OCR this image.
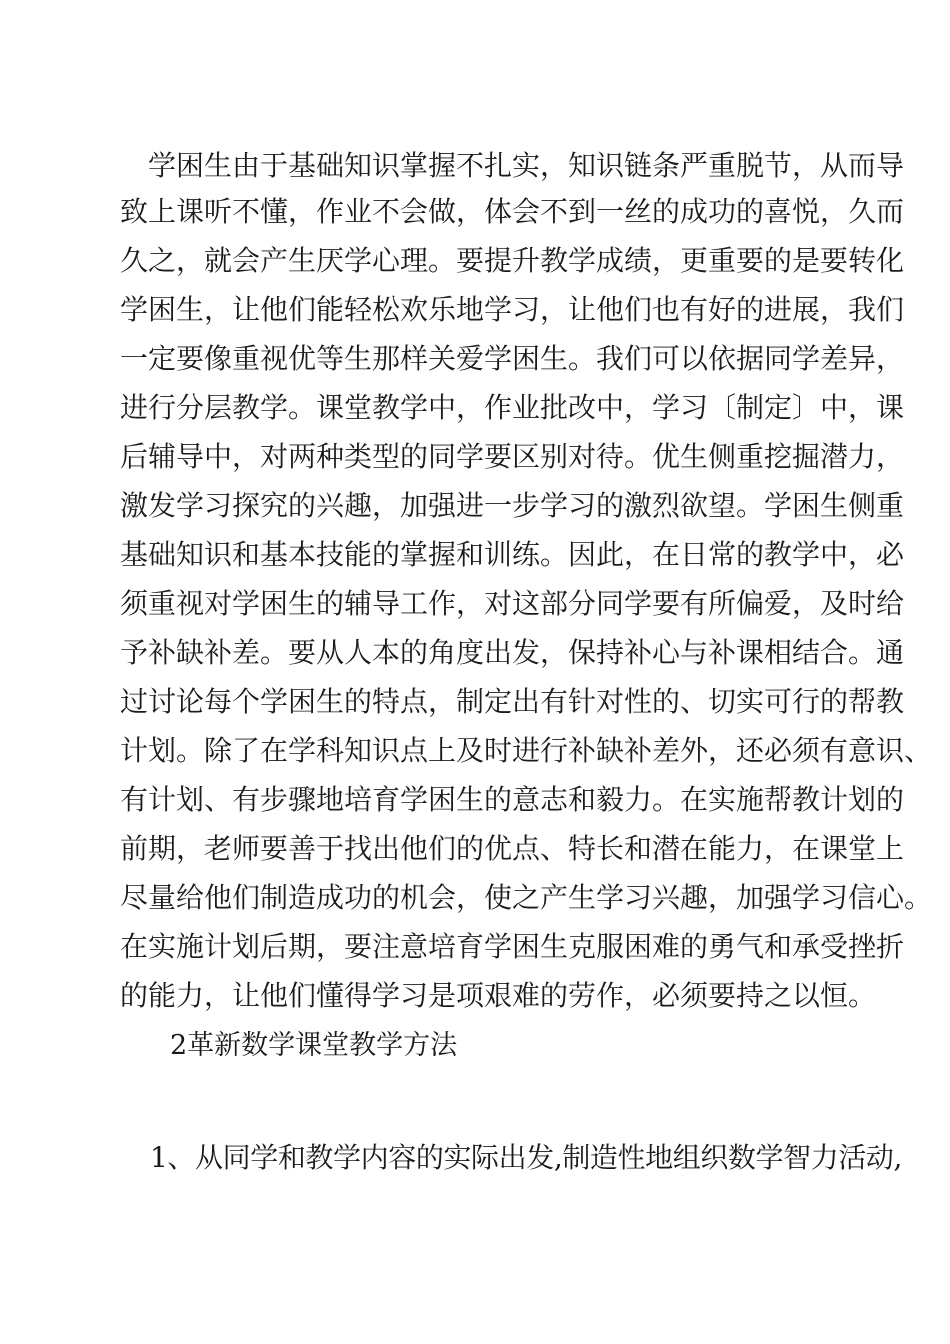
学困生由于基础知识掌握不扎实，知识链条严重脱节，从而导
致上课听不懂，作业不会做，体会不到一丝的成功的喜悦，久而
久之，就会产生厌学心理。要提升教学成绩，更重要的是要转化
学困生，让他们能轻松欢乐地学习，让他们也有好的进展，我们
一定要像重视优等生那样关爱学困生。我们可以依据同学差异，
进行分层教学。课堂教学中，作业批改中，学习〔制定〕中，课
后辅导中，对两种类型的同学要区别对待。优生侧重挖掘潜力，
激发学习探究的兴趣，加强进一步学习的激烈欲望。学困生侧重
基础知识和基本技能的掌握和训练。因此，在日常的教学中，必
须重视对学困生的辅导工作，对这部分同学要有所偏爱，及时给
予补缺补差。要从人本的角度出发，保持补心与补课相结合。通
过讨论每个学困生的特点，制定出有针对性的、切实可行的帮教
计划。除了在学科知识点上及时进行补缺补差外，还必须有意识、
有计划、有步骤地培育学困生的意志和毅力。在实施帮教计划的
前期，老师要善于找出他们的优点、特长和潜在能力，在课堂上
尽量给他们制造成功的机会，使之产生学习兴趣，加强学习信心。
在实施计划后期，要注意培育学困生克服困难的勇气和承受挫折
的能力，让他们懂得学习是项艰难的劳作，必须要持之以恒。
2革新数学课堂教学方法
1、从同学和教学内容的实际出发,制造性地组织数学智力活动,
